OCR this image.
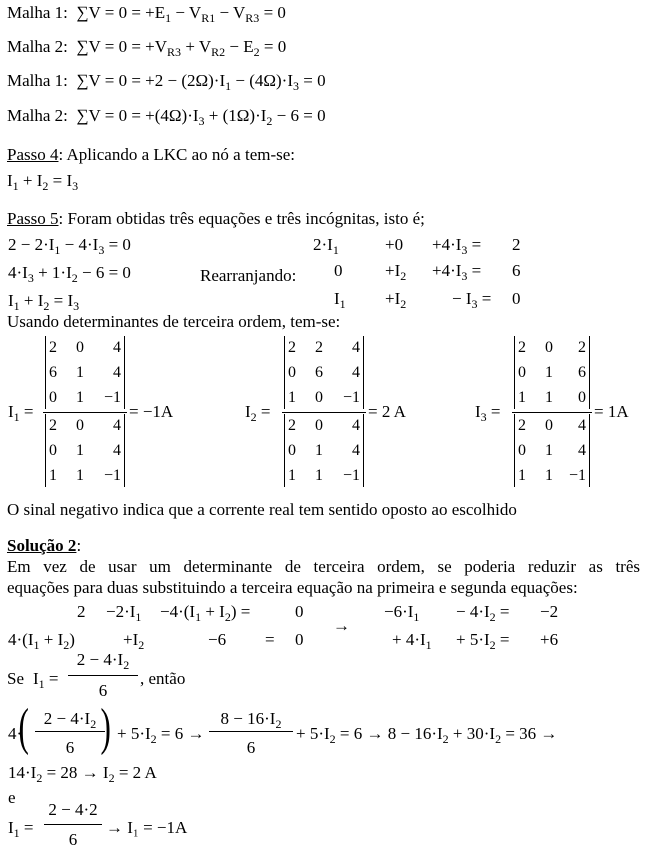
Malha 1:  $\sum V = 0 = +E_1 - V_{R1} - V_{R3} = 0$
Malha 2:  $\sum V = 0 = +V_{R3} + V_{R2} - E_2 = 0$
Malha 1:  $\sum V = 0 = +2 - (2\Omega)\cdot I_1 - (4\Omega)\cdot I_3 = 0$
Malha 2:  $\sum V = 0 = +(4\Omega)\cdot I_3 + (1\Omega)\cdot I_2 - 6 = 0$
Passo 4: Aplicando a LKC ao nó a tem-se:
$I_1 + I_2 = I_3$
Passo 5: Foram obtidas três equações e três incógnitas, isto é;
$2 - 2\cdot I_1 - 4\cdot I_3 = 0$
$4\cdot I_3 + 1\cdot I_2 - 6 = 0$
$I_1 + I_2 = I_3$
Rearranjando:
$2\cdot I_1$	$+0 +4\cdot I_3 = 2$
0	$+I_2 +4\cdot I_3 = 6$
$I_1 +I_2$	− $I_3 = 0$
Usando determinantes de terceira ordem, tem-se:
$I_1$ =
2 0 4
6 1 4
0 1 −1
2 0 4
0 1 4
1 1 −1
= −1A	$I_2$ =
2 2 4
0 6 4
1 0 −1
2 0 4
0 1 4
1 1 −1
= 2 A	$I_3$ =
2 0 2
0 1 6
1 1 0
2 0 4
0 1 4
1 1 −1
= 1A
O sinal negativo indica que a corrente real tem sentido oposto ao escolhido
Solução 2:
Em vez de usar um determinante de terceira ordem, se poderia reduzir as três
equações para duas substituindo a terceira equação na primeira e segunda equações:
$2 -2\cdot I_1 -4\cdot(I_1 + I_2)$ =	0
$4\cdot(I_1 + I_2)$	$+I_2$	−6 = 0
→
$-6\cdot I_1 - 4\cdot I_2 = -2$
+ $4\cdot I_1 + 5\cdot I_2 = +6$
Se $I_1$ =
$2 - 4\cdot I_2$
6
, então
4·
( $2 - 4\cdot I_2$
6 ) + $5\cdot I_2 = 6$ →
$8 - 16\cdot I_2$
6
+ $5\cdot I_2 = 6 \to 8 - 16\cdot I_2 + 30\cdot I_2 = 36$ →
$14\cdot I_2 = 28 \to I_2 = 2$ A
e
$I_1$ =
2 − 4·2
6
→ I₁ = −1A
